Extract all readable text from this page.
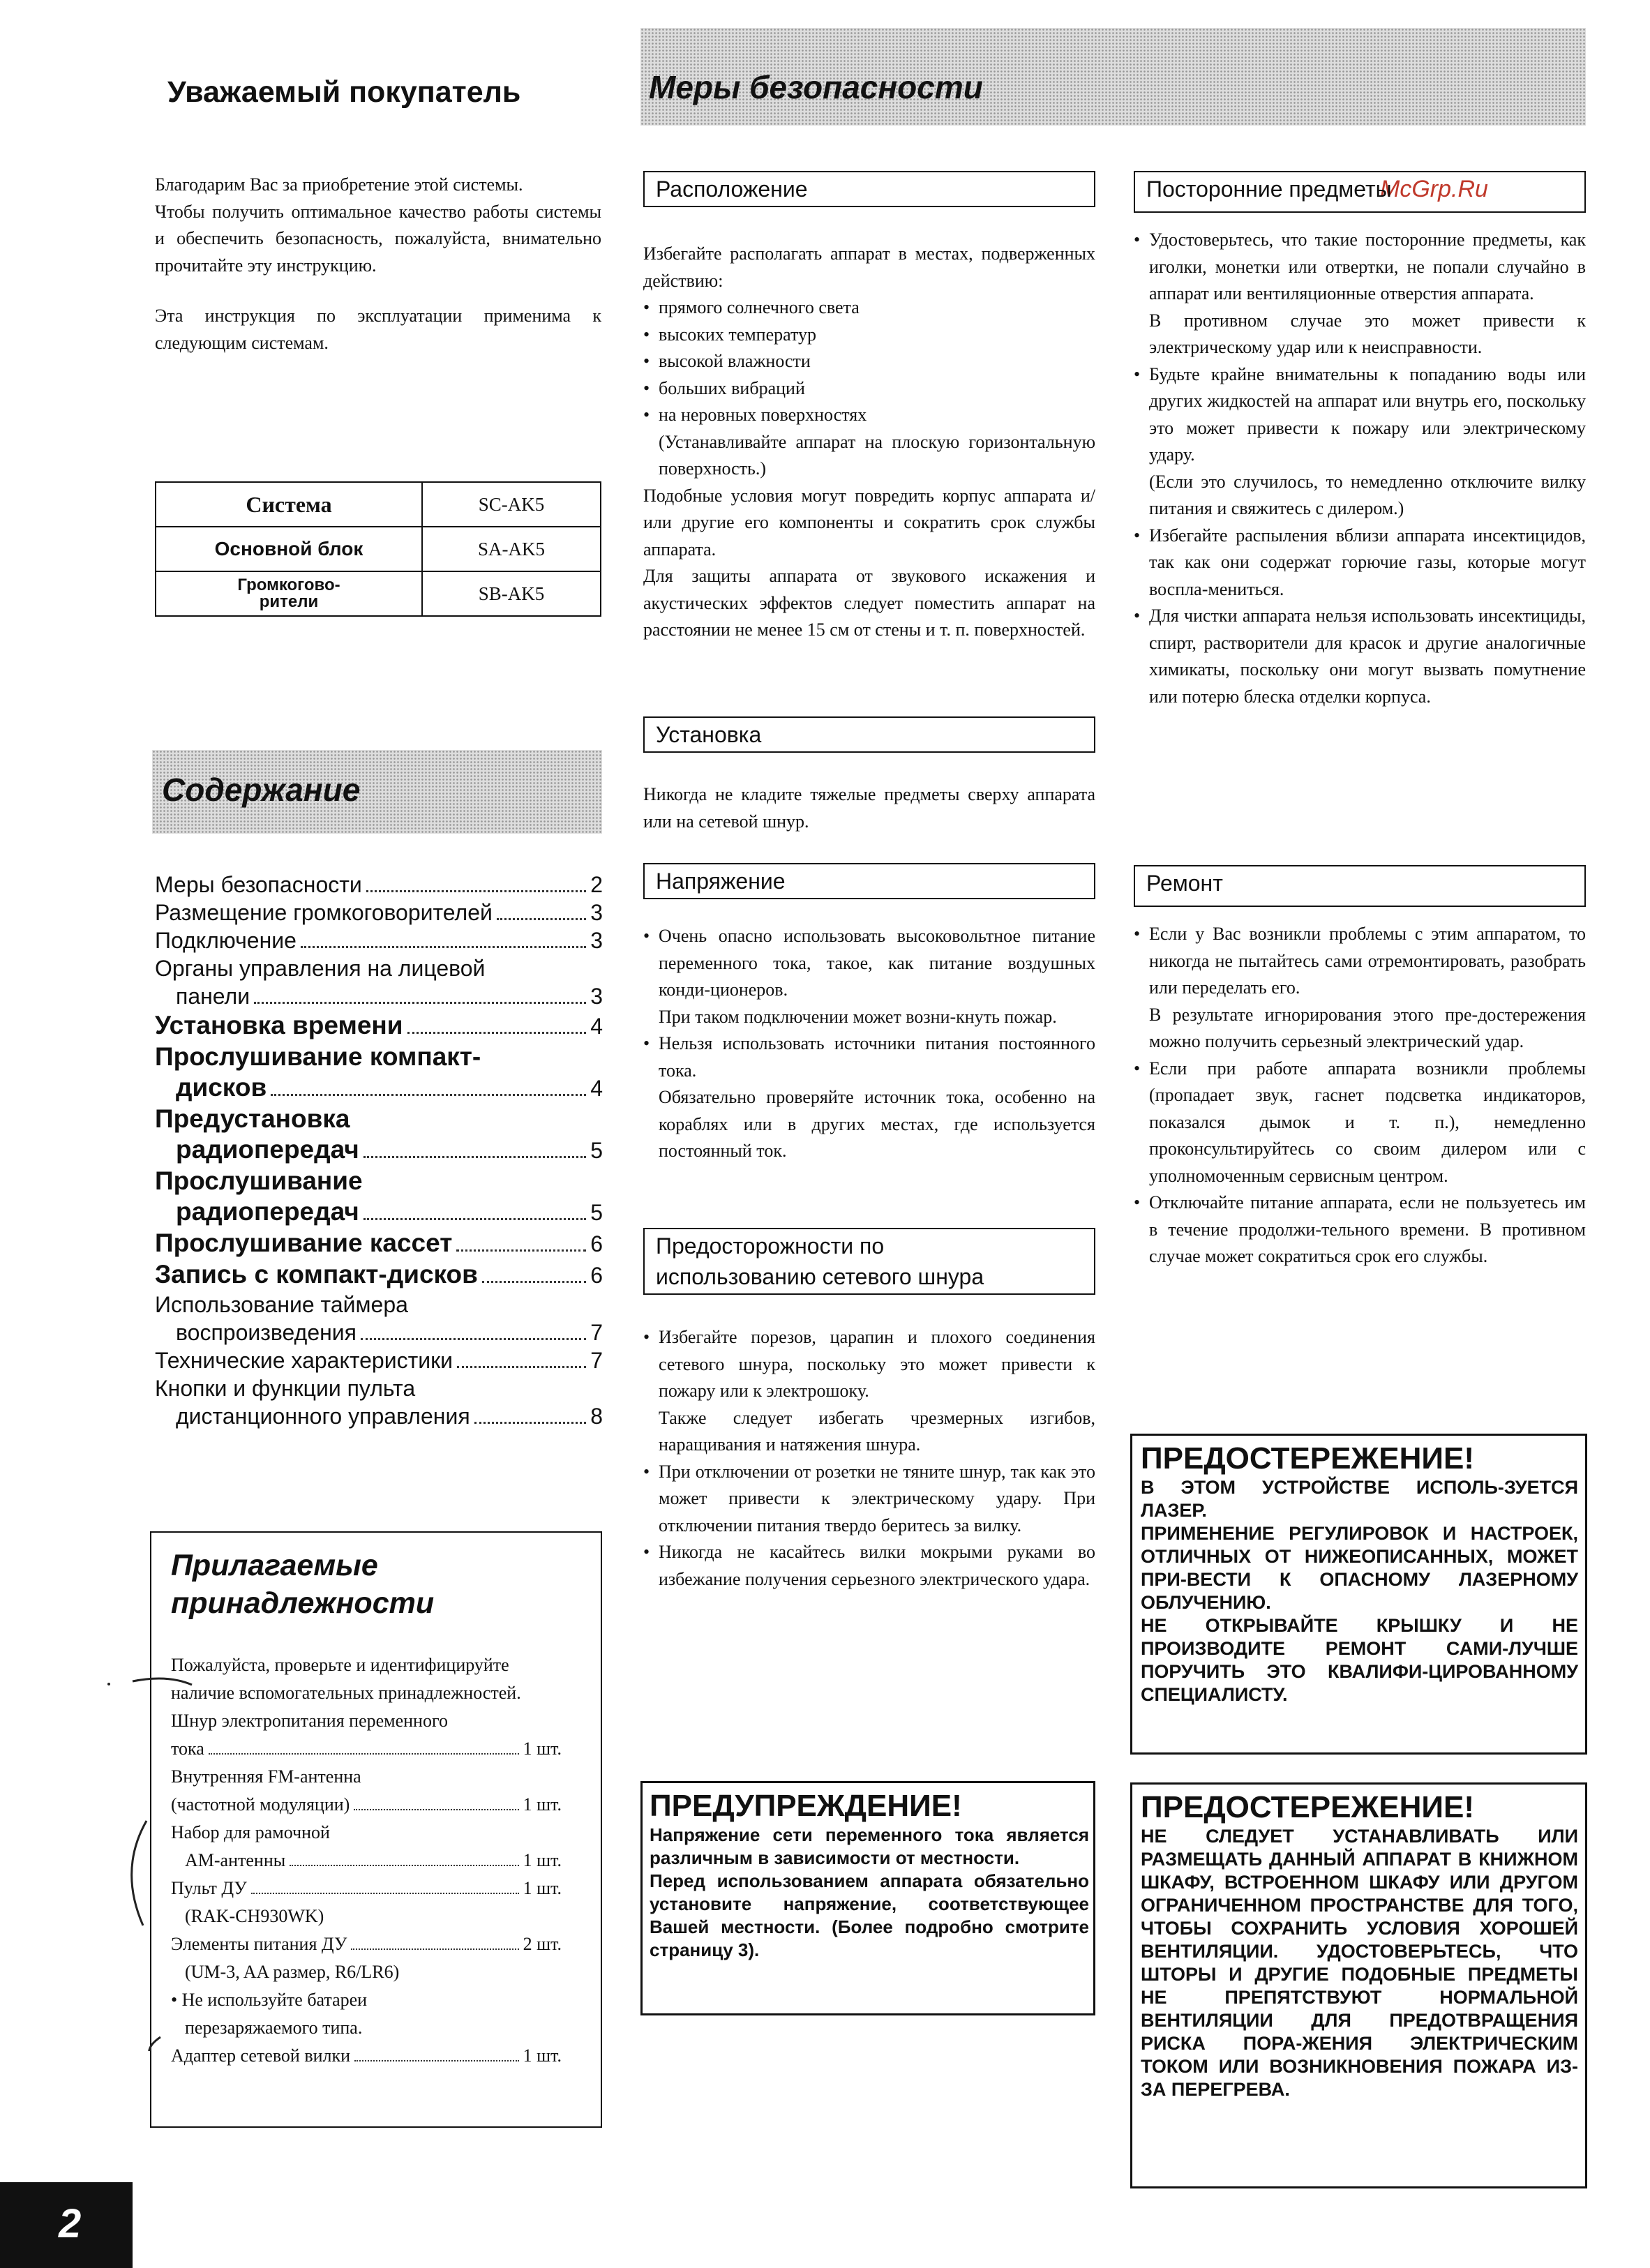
Уважаемый покупатель
Благодарим Вас за приобретение этой системы.
Чтобы получить оптимальное качество работы системы и обеспечить безопасность, пожалуйста, внимательно прочитайте эту инструкцию.
Эта инструкция по эксплуатации применима к следующим системам.
Система	SC-AK5
Основной блок	SA-AK5
Громкогово-
рители	SB-AK5
Содержание
Меры безопасности	2
Размещение громкоговорителей	3
Подключение	3
Органы управления на лицевой
панели	3
Установка времени	4
Прослушивание компакт-
дисков	4
Предустановка
радиопередач	5
Прослушивание
радиопередач	5
Прослушивание кассет	6
Запись с компакт-дисков	6
Использование таймера
воспроизведения	7
Технические характеристики	7
Кнопки и функции пульта
дистанционного управления	8
Прилагаемые
принадлежности
Пожалуйста, проверьте и идентифицируйте наличие вспомогательных принадлежностей.
Шнур электропитания переменного
тока	1 шт.
Внутренняя FM-антенна
(частотной модуляции)	1 шт.
Набор для рамочной
AM-антенны	1 шт.
Пульт ДУ	1 шт.
(RAK-CH930WK)
Элементы питания ДУ	2 шт.
(UM-3, AA размер, R6/LR6)
• Не используйте батареи
перезаряжаемого типа.
Адаптер сетевой вилки	1 шт.
2
Меры безопасности
McGrp.Ru
Расположение
Избегайте располагать аппарат в местах, подверженных действию:
• прямого солнечного света
• высоких температур
• высокой влажности
• больших вибраций
• на неровных поверхностях
(Устанавливайте аппарат на плоскую горизонтальную поверхность.)
Подобные условия могут повредить корпус аппарата и/или другие его компоненты и сократить срок службы аппарата.
Для защиты аппарата от звукового искажения и акустических эффектов следует поместить аппарат на расстоянии не менее 15 см от стены и т. п. поверхностей.
Установка
Никогда не кладите тяжелые предметы сверху аппарата или на сетевой шнур.
Напряжение
• Очень опасно использовать высоковольтное питание переменного тока, такое, как питание воздушных конди-ционеров.
При таком подключении может возни-кнуть пожар.
• Нельзя использовать источники питания постоянного тока.
Обязательно проверяйте источник тока, особенно на кораблях или в других местах, где используется постоянный ток.
Предосторожности по
использованию сетевого шнура
• Избегайте порезов, царапин и плохого соединения сетевого шнура, поскольку это может привести к пожару или к электрошоку.
Также следует избегать чрезмерных изгибов, наращивания и натяжения шнура.
• При отключении от розетки не тяните шнур, так как это может привести к электрическому удару. При отключении питания твердо беритесь за вилку.
• Никогда не касайтесь вилки мокрыми руками во избежание получения серьезного электрического удара.
ПРЕДУПРЕЖДЕНИЕ!
Напряжение сети переменного тока является различным в зависимости от местности.
Перед использованием аппарата обязательно установите напряжение, соответствующее Вашей местности. (Более подробно смотрите страницу 3).
Посторонние предметы
• Удостоверьтесь, что такие посторонние предметы, как иголки, монетки или отвертки, не попали случайно в аппарат или вентиляционные отверстия аппарата.
В противном случае это может привести к электрическому удар или к неисправности.
• Будьте крайне внимательны к попаданию воды или других жидкостей на аппарат или внутрь его, поскольку это может привести к пожару или электрическому удару.
(Если это случилось, то немедленно отключите вилку питания и свяжитесь с дилером.)
• Избегайте распыления вблизи аппарата инсектицидов, так как они содержат горючие газы, которые могут воспла-мениться.
• Для чистки аппарата нельзя использовать инсектициды, спирт, растворители для красок и другие аналогичные химикаты, поскольку они могут вызвать помутнение или потерю блеска отделки корпуса.
Ремонт
• Если у Вас возникли проблемы с этим аппаратом, то никогда не пытайтесь сами отремонтировать, разобрать или переделать его.
В результате игнорирования этого пре-достережения можно получить серьезный электрический удар.
• Если при работе аппарата возникли проблемы (пропадает звук, гаснет подсветка индикаторов, показался дымок и т. п.), немедленно проконсультируйтесь со своим дилером или с уполномоченным сервисным центром.
• Отключайте питание аппарата, если не пользуетесь им в течение продолжи-тельного времени. В противном случае может сократиться срок его службы.
ПРЕДОСТЕРЕЖЕНИЕ!
В ЭТОМ УСТРОЙСТВЕ ИСПОЛЬ-ЗУЕТСЯ ЛАЗЕР.
ПРИМЕНЕНИЕ РЕГУЛИРОВОК И НАСТРОЕК, ОТЛИЧНЫХ ОТ НИЖЕОПИСАННЫХ, МОЖЕТ ПРИ-ВЕСТИ К ОПАСНОМУ ЛАЗЕРНОМУ ОБЛУЧЕНИЮ.
НЕ ОТКРЫВАЙТЕ КРЫШКУ И НЕ ПРОИЗВОДИТЕ РЕМОНТ САМИ-ЛУЧШЕ ПОРУЧИТЬ ЭТО КВАЛИФИ-ЦИРОВАННОМУ СПЕЦИАЛИСТУ.
ПРЕДОСТЕРЕЖЕНИЕ!
НЕ СЛЕДУЕТ УСТАНАВЛИВАТЬ ИЛИ РАЗМЕЩАТЬ ДАННЫЙ АППАРАТ В КНИЖНОМ ШКАФУ, ВСТРОЕННОМ ШКАФУ ИЛИ ДРУГОМ ОГРАНИЧЕННОМ ПРОСТРАНСТВЕ ДЛЯ ТОГО, ЧТОБЫ СОХРАНИТЬ УСЛОВИЯ ХОРОШЕЙ ВЕНТИЛЯЦИИ. УДОСТОВЕРЬТЕСЬ, ЧТО ШТОРЫ И ДРУГИЕ ПОДОБНЫЕ ПРЕДМЕТЫ НЕ ПРЕПЯТСТВУЮТ НОРМАЛЬНОЙ ВЕНТИЛЯЦИИ ДЛЯ ПРЕДОТВРАЩЕНИЯ РИСКА ПОРА-ЖЕНИЯ ЭЛЕКТРИЧЕСКИМ ТОКОМ ИЛИ ВОЗНИКНОВЕНИЯ ПОЖАРА ИЗ-ЗА ПЕРЕГРЕВА.
